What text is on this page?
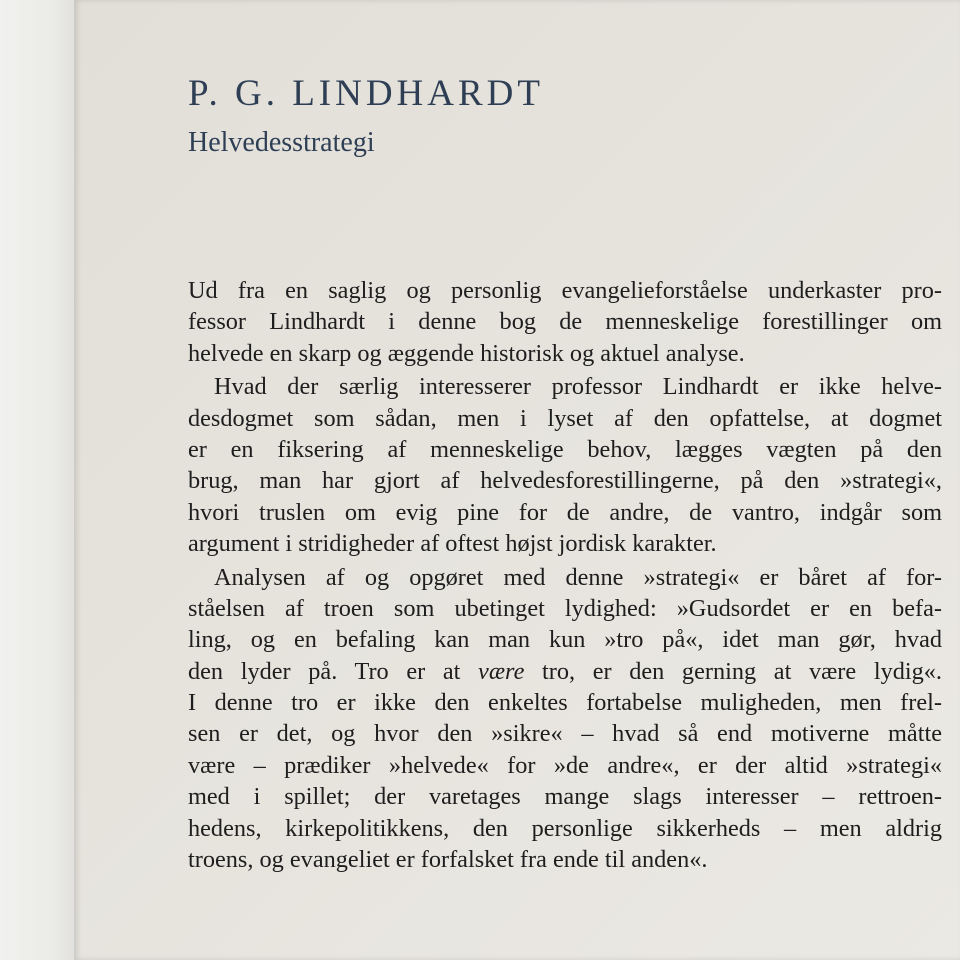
P. G. LINDHARDT
Helvedesstrategi
Ud fra en saglig og personlig evangelieforståelse underkaster pro-
fessor Lindhardt i denne bog de menneskelige forestillinger om
helvede en skarp og æggende historisk og aktuel analyse.
Hvad der særlig interesserer professor Lindhardt er ikke helve-
desdogmet som sådan, men i lyset af den opfattelse, at dogmet
er en fiksering af menneskelige behov, lægges vægten på den
brug, man har gjort af helvedesforestillingerne, på den »strategi«,
hvori truslen om evig pine for de andre, de vantro, indgår som
argument i stridigheder af oftest højst jordisk karakter.
Analysen af og opgøret med denne »strategi« er båret af for-
ståelsen af troen som ubetinget lydighed: »Gudsordet er en befa-
ling, og en befaling kan man kun »tro på«, idet man gør, hvad
den lyder på. Tro er at være tro, er den gerning at være lydig«.
I denne tro er ikke den enkeltes fortabelse muligheden, men frel-
sen er det, og hvor den »sikre« – hvad så end motiverne måtte
være – prædiker »helvede« for »de andre«, er der altid »strategi«
med i spillet; der varetages mange slags interesser – rettroen-
hedens, kirkepolitikkens, den personlige sikkerheds – men aldrig
troens, og evangeliet er forfalsket fra ende til anden«.
